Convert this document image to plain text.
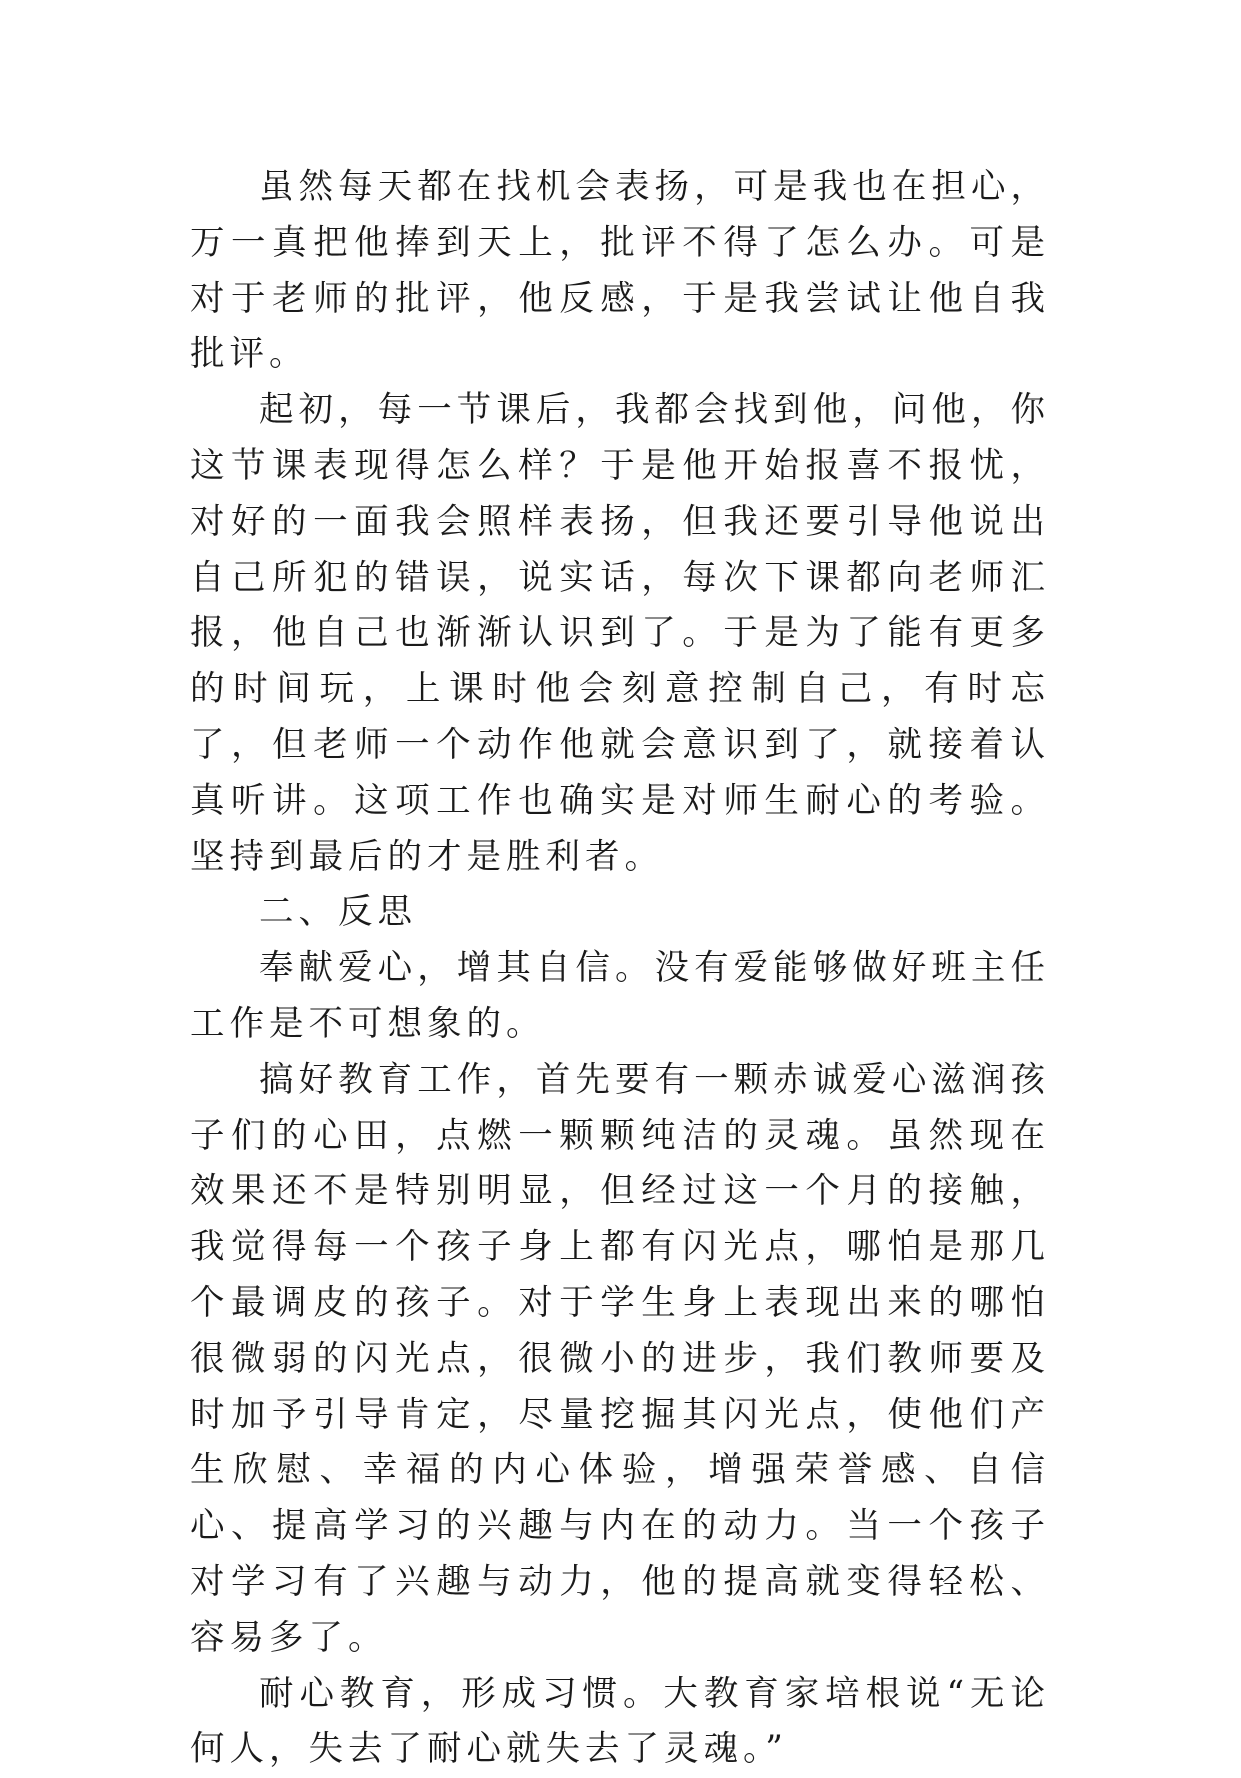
虽然每天都在找机会表扬，可是我也在担心，万一真把他捧到天上，批评不得了怎么办。可是对于老师的批评，他反感，于是我尝试让他自我批评。

起初，每一节课后，我都会找到他，问他，你这节课表现得怎么样？于是他开始报喜不报忧，对好的一面我会照样表扬，但我还要引导他说出自己所犯的错误，说实话，每次下课都向老师汇报，他自己也渐渐认识到了。于是为了能有更多的时间玩，上课时他会刻意控制自己，有时忘了，但老师一个动作他就会意识到了，就接着认真听讲。这项工作也确实是对师生耐心的考验。坚持到最后的才是胜利者。

二、反思

奉献爱心，增其自信。没有爱能够做好班主任工作是不可想象的。

搞好教育工作，首先要有一颗赤诚爱心滋润孩子们的心田，点燃一颗颗纯洁的灵魂。虽然现在效果还不是特别明显，但经过这一个月的接触，我觉得每一个孩子身上都有闪光点，哪怕是那几个最调皮的孩子。对于学生身上表现出来的哪怕很微弱的闪光点，很微小的进步，我们教师要及时加予引导肯定，尽量挖掘其闪光点，使他们产生欣慰、幸福的内心体验，增强荣誉感、自信心、提高学习的兴趣与内在的动力。当一个孩子对学习有了兴趣与动力，他的提高就变得轻松、容易多了。

耐心教育，形成习惯。大教育家培根说“无论何人，失去了耐心就失去了灵魂。”
